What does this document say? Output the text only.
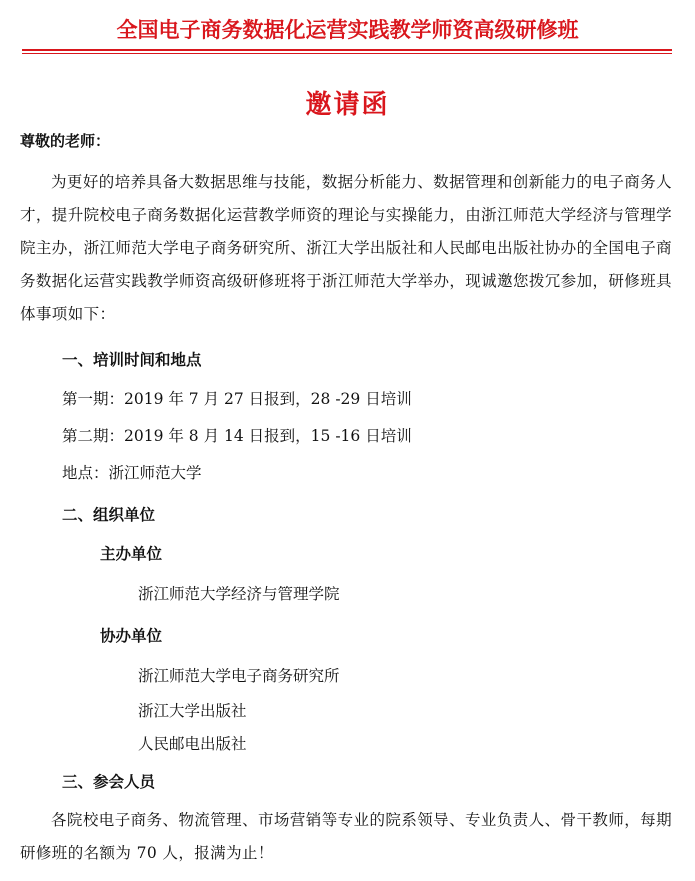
全国电子商务数据化运营实践教学师资高级研修班
邀请函
尊敬的老师：

为更好的培养具备大数据思维与技能，数据分析能力、数据管理和创新能力的电子商务人才，提升院校电子商务数据化运营教学师资的理论与实操能力，由浙江师范大学经济与管理学院主办，浙江师范大学电子商务研究所、浙江大学出版社和人民邮电出版社协办的全国电子商务数据化运营实践教学师资高级研修班将于浙江师范大学举办，现诚邀您拨冗参加，研修班具体事项如下：

一、培训时间和地点
第一期：2019 年 7 月 27 日报到，28 -29 日培训
第二期：2019 年 8 月 14 日报到，15 -16 日培训
地点：浙江师范大学
二、组织单位
主办单位
浙江师范大学经济与管理学院
协办单位
浙江师范大学电子商务研究所
浙江大学出版社
人民邮电出版社
三、参会人员

各院校电子商务、物流管理、市场营销等专业的院系领导、专业负责人、骨干教师，每期研修班的名额为 70 人，报满为止！
